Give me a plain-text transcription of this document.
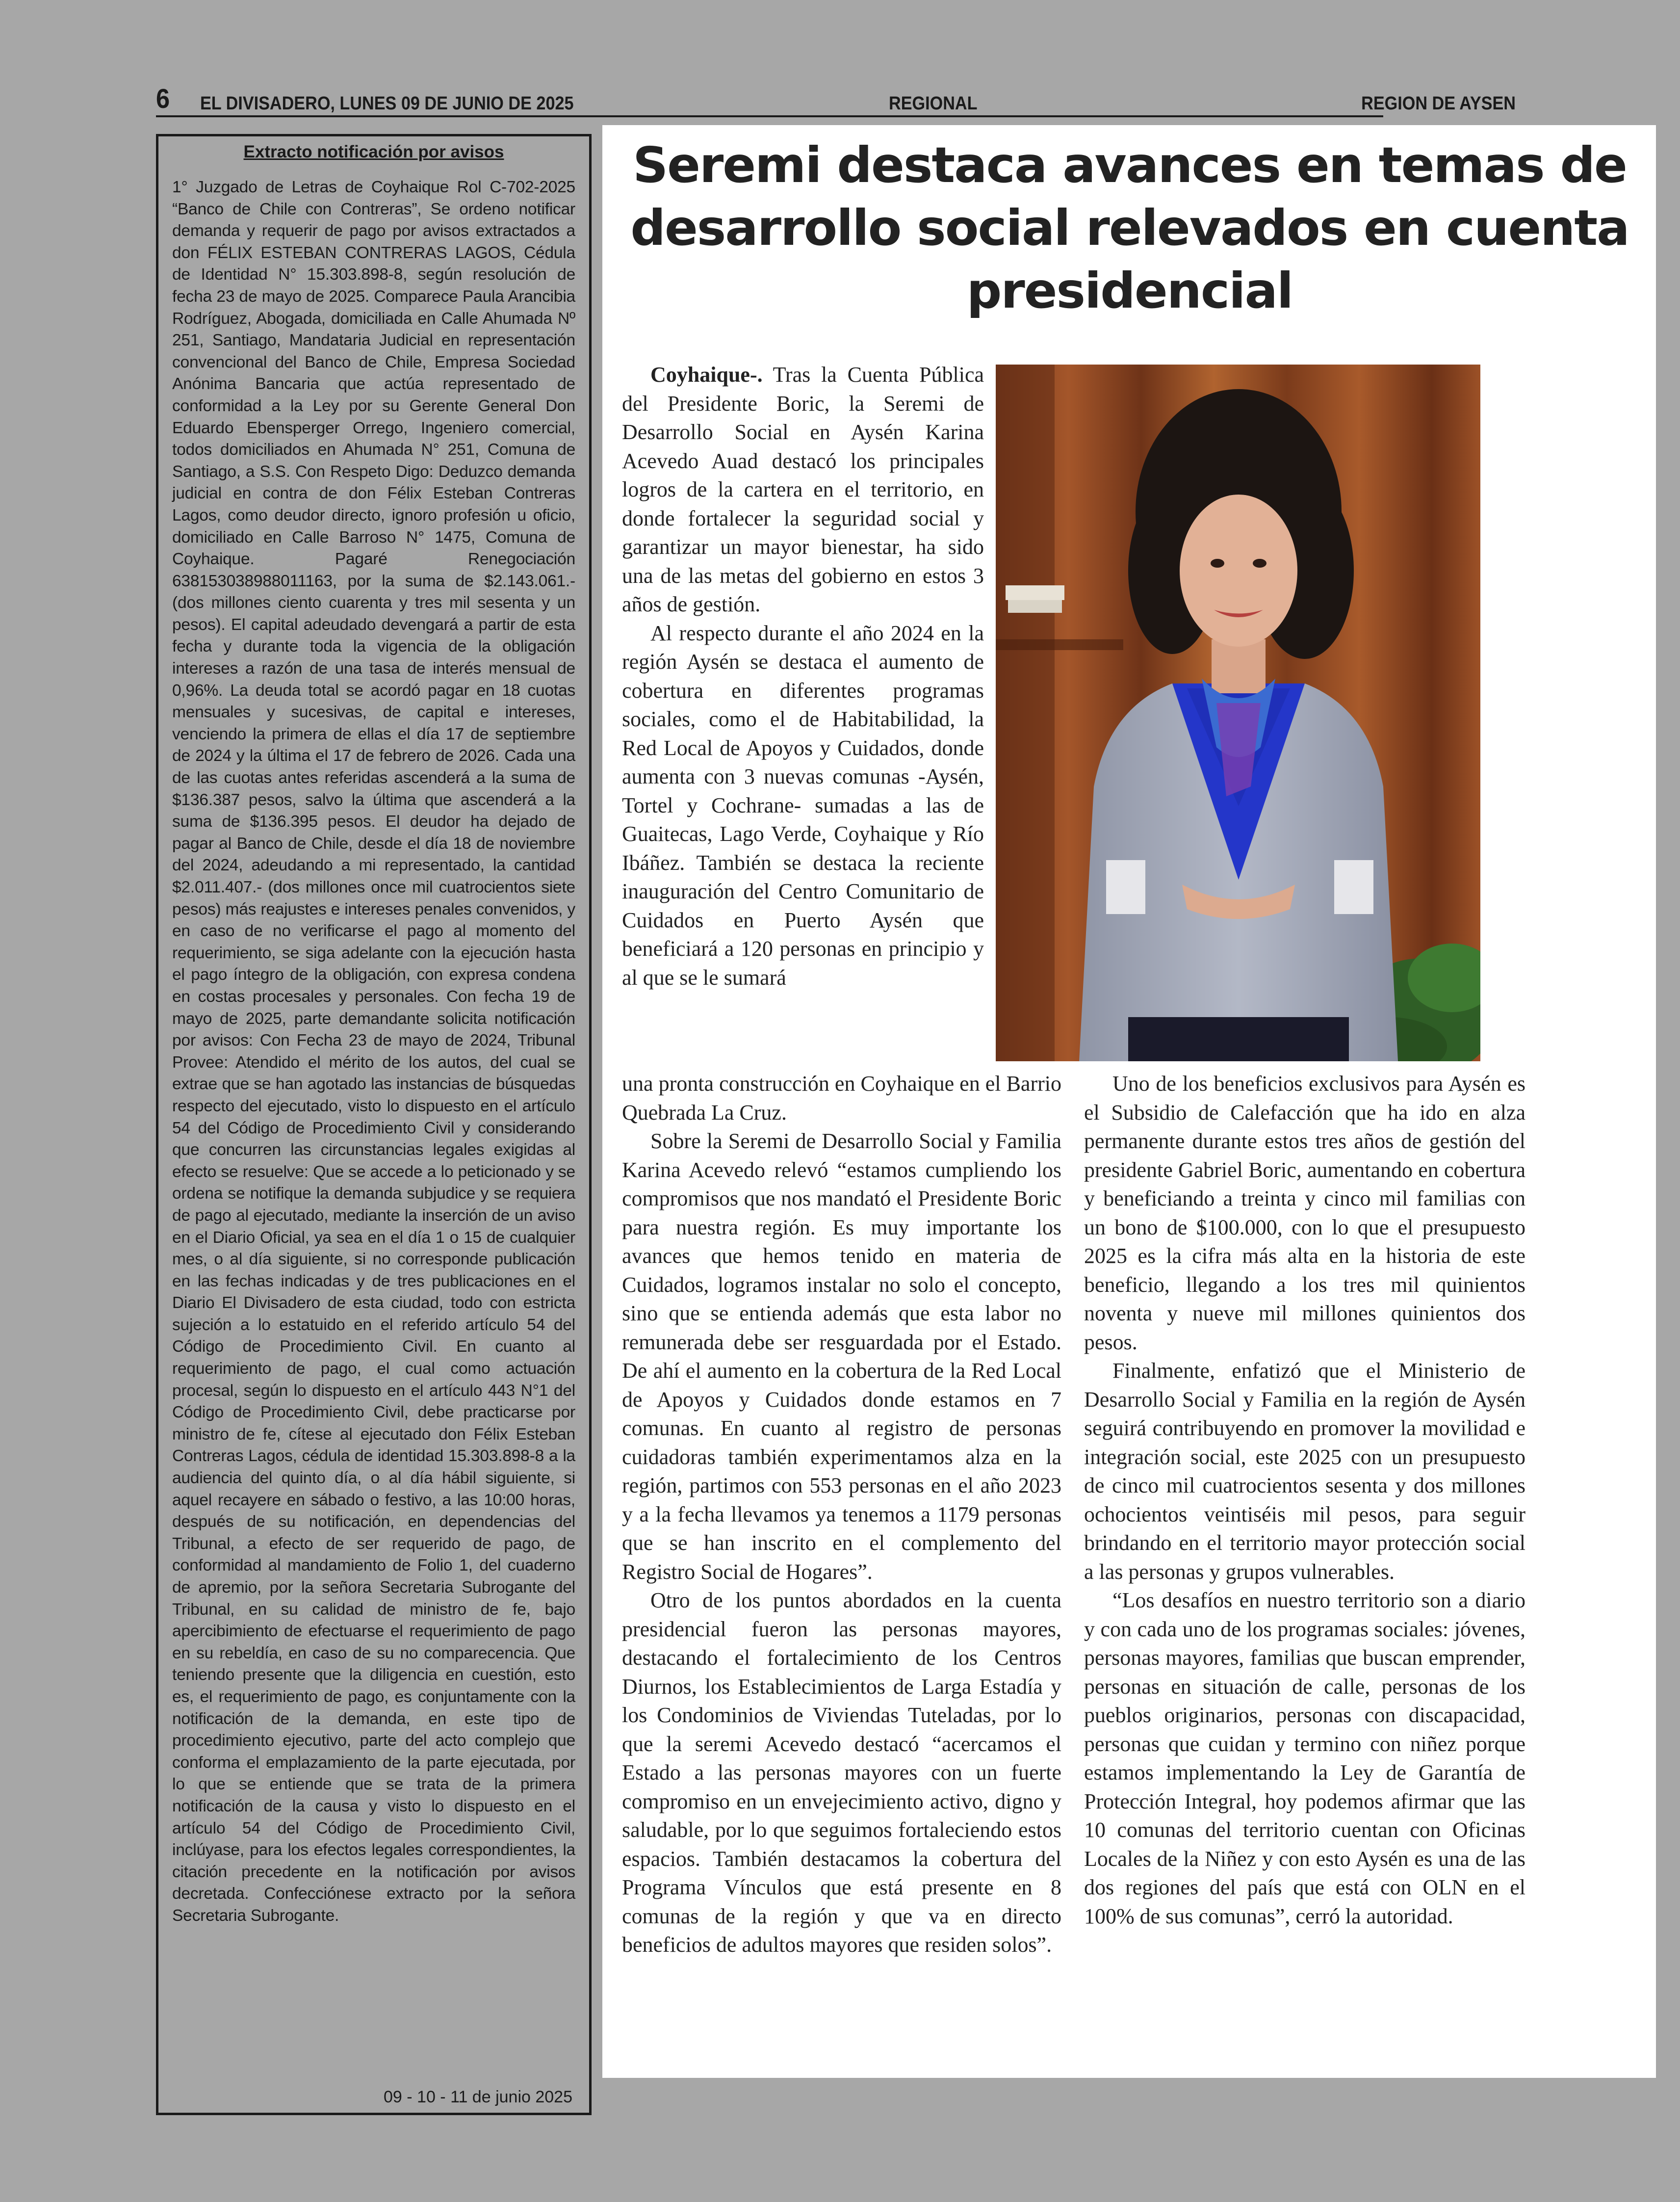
6 EL DIVISADERO, LUNES 09 DE JUNIO DE 2025	REGIONAL	REGION DE AYSEN

Extracto notificación por avisos

1° Juzgado de Letras de Coyhaique Rol C-702-2025 “Banco de Chile con Contreras”, Se ordeno notificar demanda y requerir de pago por avisos extractados a don FÉLIX ESTEBAN CONTRERAS LAGOS, Cédula de Identidad N° 15.303.898-8, según resolución de fecha 23 de mayo de 2025. Comparece Paula Arancibia Rodríguez, Abogada, domiciliada en Calle Ahumada Nº 251, Santiago, Mandataria Judicial en representación convencional del Banco de Chile, Empresa Sociedad Anónima Bancaria que actúa representado de conformidad a la Ley por su Gerente General Don Eduardo Ebensperger Orrego, Ingeniero comercial, todos domiciliados en Ahumada N° 251, Comuna de Santiago, a S.S. Con Respeto Digo: Deduzco demanda judicial en contra de don Félix Esteban Contreras Lagos, como deudor directo, ignoro profesión u oficio, domiciliado en Calle Barroso N° 1475, Comuna de Coyhaique. Pagaré Renegociación 638153038988011163, por la suma de $2.143.061.- (dos millones ciento cuarenta y tres mil sesenta y un pesos). El capital adeudado devengará a partir de esta fecha y durante toda la vigencia de la obligación intereses a razón de una tasa de interés mensual de 0,96%. La deuda total se acordó pagar en 18 cuotas mensuales y sucesivas, de capital e intereses, venciendo la primera de ellas el día 17 de septiembre de 2024 y la última el 17 de febrero de 2026. Cada una de las cuotas antes referidas ascenderá a la suma de $136.387 pesos, salvo la última que ascenderá a la suma de $136.395 pesos. El deudor ha dejado de pagar al Banco de Chile, desde el día 18 de noviembre del 2024, adeudando a mi representado, la cantidad $2.011.407.- (dos millones once mil cuatrocientos siete pesos) más reajustes e intereses penales convenidos, y en caso de no verificarse el pago al momento del requerimiento, se siga adelante con la ejecución hasta el pago íntegro de la obligación, con expresa condena en costas procesales y personales. Con fecha 19 de mayo de 2025, parte demandante solicita notificación por avisos: Con Fecha 23 de mayo de 2024, Tribunal Provee: Atendido el mérito de los autos, del cual se extrae que se han agotado las instancias de búsquedas respecto del ejecutado, visto lo dispuesto en el artículo 54 del Código de Procedimiento Civil y considerando que concurren las circunstancias legales exigidas al efecto se resuelve: Que se accede a lo peticionado y se ordena se notifique la demanda subjudice y se requiera de pago al ejecutado, mediante la inserción de un aviso en el Diario Oficial, ya sea en el día 1 o 15 de cualquier mes, o al día siguiente, si no corresponde publicación en las fechas indicadas y de tres publicaciones en el Diario El Divisadero de esta ciudad, todo con estricta sujeción a lo estatuido en el referido artículo 54 del Código de Procedimiento Civil. En cuanto al requerimiento de pago, el cual como actuación procesal, según lo dispuesto en el artículo 443 N°1 del Código de Procedimiento Civil, debe practicarse por ministro de fe, cítese al ejecutado don Félix Esteban Contreras Lagos, cédula de identidad 15.303.898-8 a la audiencia del quinto día, o al día hábil siguiente, si aquel recayere en sábado o festivo, a las 10:00 horas, después de su notificación, en dependencias del Tribunal, a efecto de ser requerido de pago, de conformidad al mandamiento de Folio 1, del cuaderno de apremio, por la señora Secretaria Subrogante del Tribunal, en su calidad de ministro de fe, bajo apercibimiento de efectuarse el requerimiento de pago en su rebeldía, en caso de su no comparecencia. Que teniendo presente que la diligencia en cuestión, esto es, el requerimiento de pago, es conjuntamente con la notificación de la demanda, en este tipo de procedimiento ejecutivo, parte del acto complejo que conforma el emplazamiento de la parte ejecutada, por lo que se entiende que se trata de la primera notificación de la causa y visto lo dispuesto en el artículo 54 del Código de Procedimiento Civil, inclúyase, para los efectos legales correspondientes, la citación precedente en la notificación por avisos decretada. Confecciónese extracto por la señora Secretaria Subrogante.

09 - 10 - 11 de junio 2025
Seremi destaca avances en temas de desarrollo social relevados en cuenta presidencial

Coyhaique-. Tras la Cuenta Pública del Presidente Boric, la Seremi de Desarrollo Social en Aysén Karina Acevedo Auad destacó los principales logros de la cartera en el territorio, en donde fortalecer la seguridad social y garantizar un mayor bienestar, ha sido una de las metas del gobierno en estos 3 años de gestión.

Al respecto durante el año 2024 en la región Aysén se destaca el aumento de cobertura en diferentes programas sociales, como el de Habitabilidad, la Red Local de Apoyos y Cuidados, donde aumenta con 3 nuevas comunas -Aysén, Tortel y Cochrane- sumadas a las de Guaitecas, Lago Verde, Coyhaique y Río Ibáñez. También se destaca la reciente inauguración del Centro Comunitario de Cuidados en Puerto Aysén que beneficiará a 120 personas en principio y al que se le sumará

una pronta construcción en Coyhaique en el Barrio Quebrada La Cruz.

Sobre la Seremi de Desarrollo Social y Familia Karina Acevedo relevó “estamos cumpliendo los compromisos que nos mandató el Presidente Boric para nuestra región. Es muy importante los avances que hemos tenido en materia de Cuidados, logramos instalar no solo el concepto, sino que se entienda además que esta labor no remunerada debe ser resguardada por el Estado. De ahí el aumento en la cobertura de la Red Local de Apoyos y Cuidados donde estamos en 7 comunas. En cuanto al registro de personas cuidadoras también experimentamos alza en la región, partimos con 553 personas en el año 2023 y a la fecha llevamos ya tenemos a 1179 personas que se han inscrito en el complemento del Registro Social de Hogares”.

Otro de los puntos abordados en la cuenta presidencial fueron las personas mayores, destacando el fortalecimiento de los Centros Diurnos, los Establecimientos de Larga Estadía y los Condominios de Viviendas Tuteladas, por lo que la seremi Acevedo destacó “acercamos el Estado a las personas mayores con un fuerte compromiso en un envejecimiento activo, digno y saludable, por lo que seguimos fortaleciendo estos espacios. También destacamos la cobertura del Programa Vínculos que está presente en 8 comunas de la región y que va en directo beneficios de adultos mayores que residen solos”.

Uno de los beneficios exclusivos para Aysén es el Subsidio de Calefacción que ha ido en alza permanente durante estos tres años de gestión del presidente Gabriel Boric, aumentando en cobertura y beneficiando a treinta y cinco mil familias con un bono de $100.000, con lo que el presupuesto 2025 es la cifra más alta en la historia de este beneficio, llegando a los tres mil quinientos noventa y nueve mil millones quinientos dos pesos.

Finalmente, enfatizó que el Ministerio de Desarrollo Social y Familia en la región de Aysén seguirá contribuyendo en promover la movilidad e integración social, este 2025 con un presupuesto de cinco mil cuatrocientos sesenta y dos millones ochocientos veintiséis mil pesos, para seguir brindando en el territorio mayor protección social a las personas y grupos vulnerables.

“Los desafíos en nuestro territorio son a diario y con cada uno de los programas sociales: jóvenes, personas mayores, familias que buscan emprender, personas en situación de calle, personas de los pueblos originarios, personas con discapacidad, personas que cuidan y termino con niñez porque estamos implementando la Ley de Garantía de Protección Integral, hoy podemos afirmar que las 10 comunas del territorio cuentan con Oficinas Locales de la Niñez y con esto Aysén es una de las dos regiones del país que está con OLN en el 100% de sus comunas”, cerró la autoridad.
